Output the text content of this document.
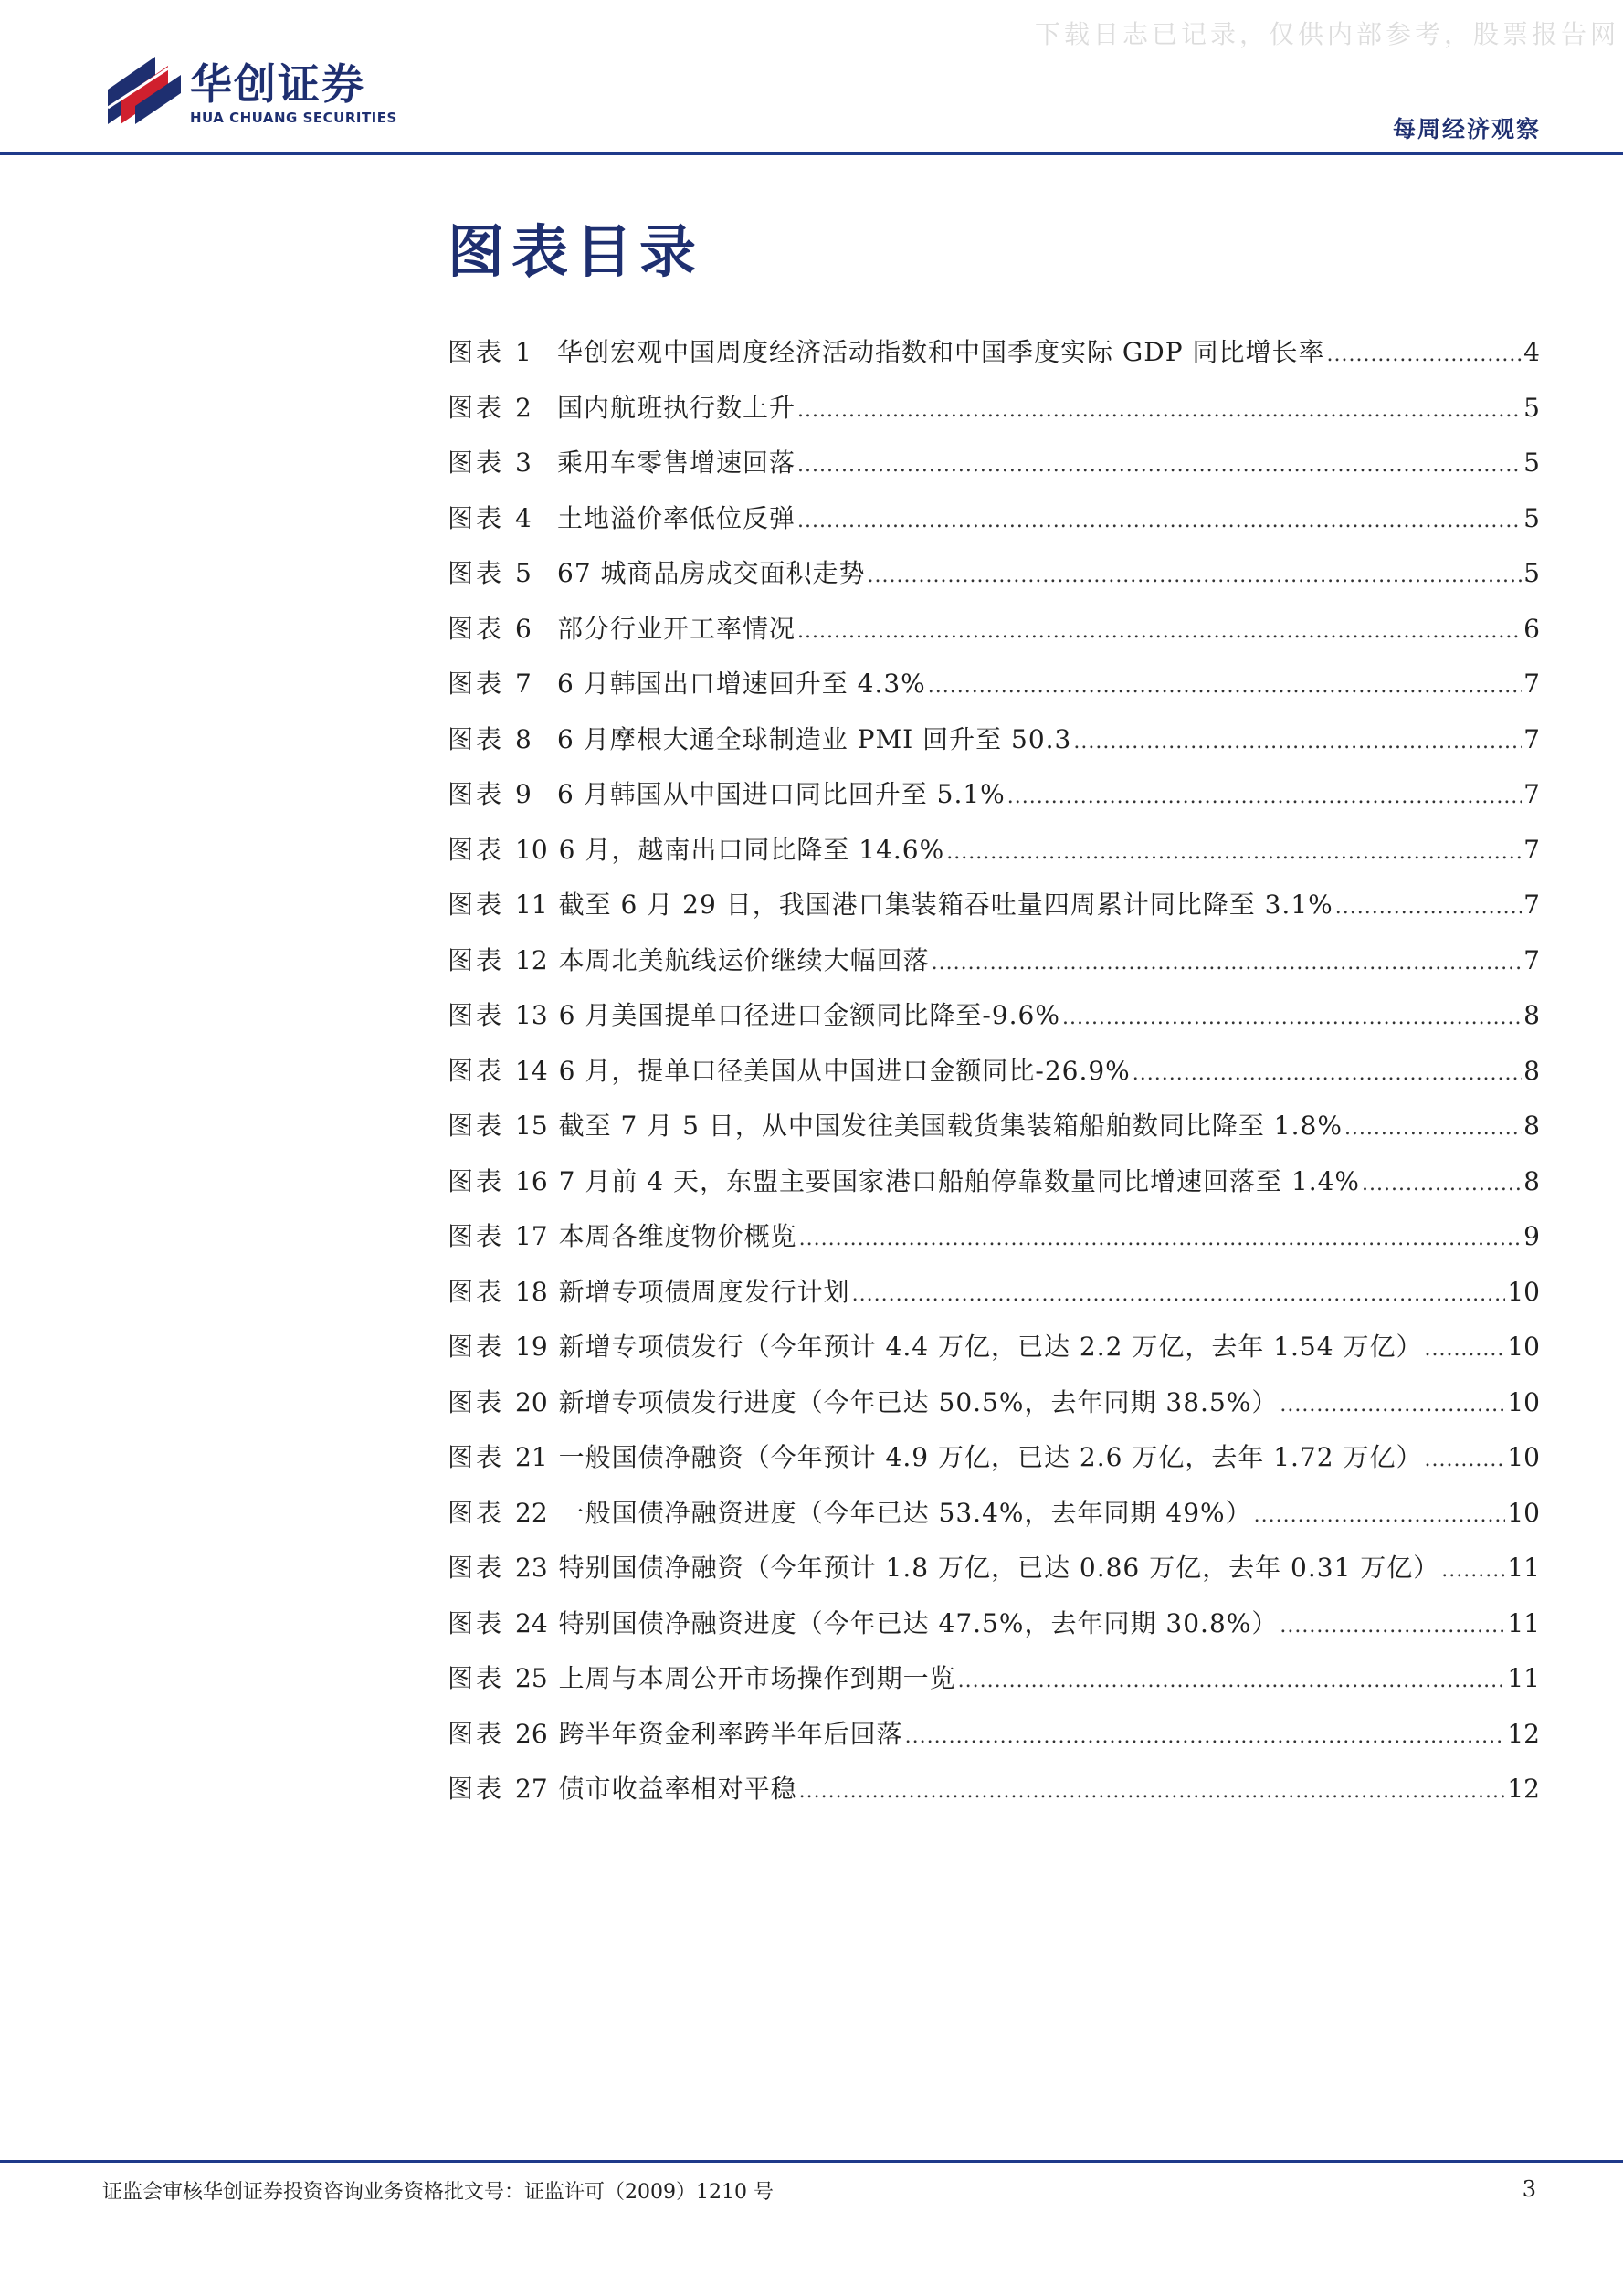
下载日志已记录，仅供内部参考，股票报告网

华创证券
HUA CHUANG SECURITIES	每周经济观察
图表目录
图表 1	华创宏观中国周度经济活动指数和中国季度实际 GDP 同比增长率 .....	4
图表 2	国内航班执行数上升 .....	5
图表 3	乘用车零售增速回落 .....	5
图表 4	土地溢价率低位反弹 .....	5
图表 5	67 城商品房成交面积走势 .....	5
图表 6	部分行业开工率情况 .....	6
图表 7	6 月韩国出口增速回升至 4.3% .....	7
图表 8	6 月摩根大通全球制造业 PMI 回升至 50.3 .....	7
图表 9	6 月韩国从中国进口同比回升至 5.1% .....	7
图表 10 6 月，越南出口同比降至 14.6% .....	7
图表 11 截至 6 月 29 日，我国港口集装箱吞吐量四周累计同比降至 3.1% .....	7
图表 12 本周北美航线运价继续大幅回落 .....	7
图表 13 6 月美国提单口径进口金额同比降至-9.6% .....	8
图表 14 6 月，提单口径美国从中国进口金额同比-26.9% .....	8
图表 15 截至 7 月 5 日，从中国发往美国载货集装箱船舶数同比降至 1.8% .....	8
图表 16 7 月前 4 天，东盟主要国家港口船舶停靠数量同比增速回落至 1.4% .....	8
图表 17 本周各维度物价概览 .....	9
图表 18 新增专项债周度发行计划 .....	10
图表 19 新增专项债发行（今年预计 4.4 万亿，已达 2.2 万亿，去年 1.54 万亿） .....	10
图表 20 新增专项债发行进度（今年已达 50.5%，去年同期 38.5%） .....	10
图表 21 一般国债净融资（今年预计 4.9 万亿，已达 2.6 万亿，去年 1.72 万亿） .....	10
图表 22 一般国债净融资进度（今年已达 53.4%，去年同期 49%） .....	10
图表 23 特别国债净融资（今年预计 1.8 万亿，已达 0.86 万亿，去年 0.31 万亿） .....	11
图表 24 特别国债净融资进度（今年已达 47.5%，去年同期 30.8%） .....	11
图表 25 上周与本周公开市场操作到期一览 .....	11
图表 26 跨半年资金利率跨半年后回落 .....	12
图表 27 债市收益率相对平稳 .....	12

证监会审核华创证券投资咨询业务资格批文号：证监许可（2009）1210 号	3
